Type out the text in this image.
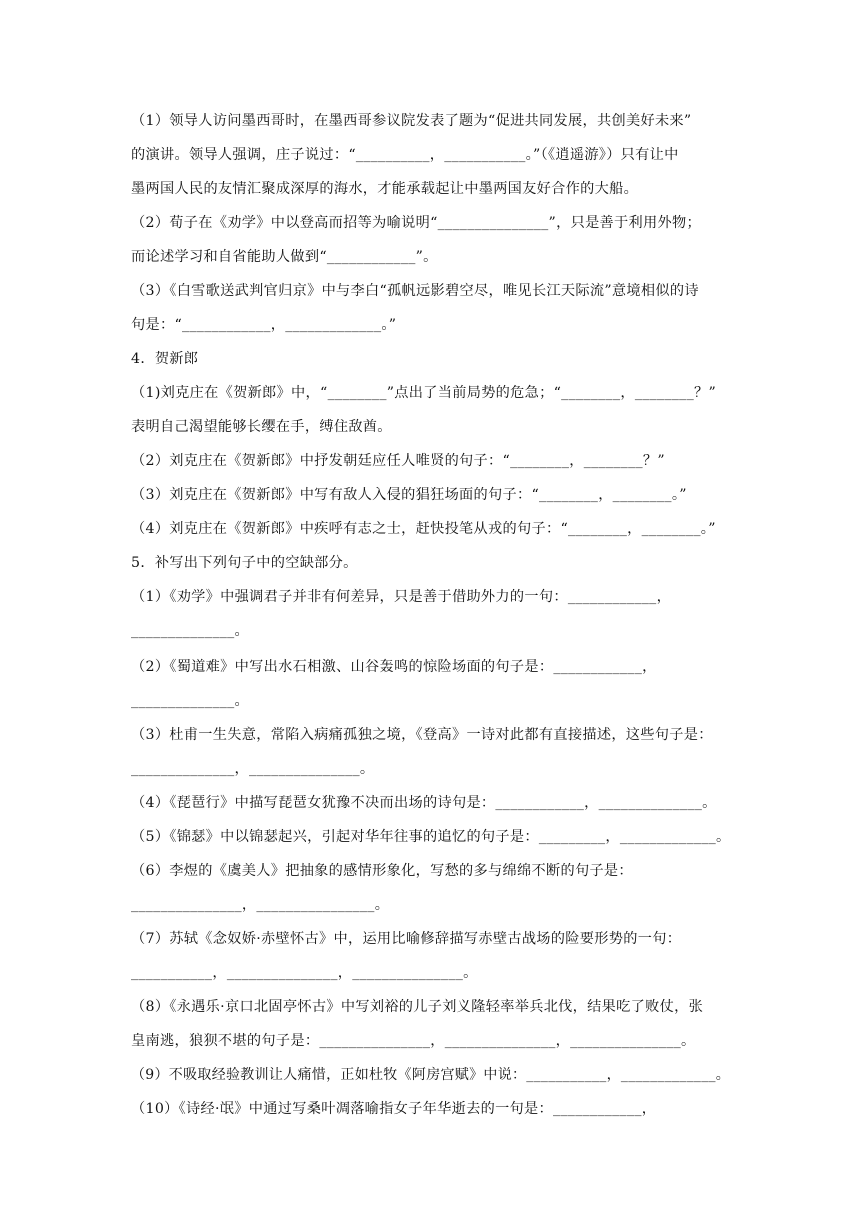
（1）领导人访问墨西哥时，在墨西哥参议院发表了题为“促进共同发展，共创美好未来”
的演讲。领导人强调，庄子说过：“__________，___________。”（《逍遥游》）只有让中
墨两国人民的友情汇聚成深厚的海水，才能承载起让中墨两国友好合作的大船。
（2）荀子在《劝学》中以登高而招等为喻说明“_______________”，只是善于利用外物；
而论述学习和自省能助人做到“____________”。
（3）《白雪歌送武判官归京》中与李白“孤帆远影碧空尽，唯见长江天际流”意境相似的诗
句是：“____________，_____________。”
4．贺新郎
（1)刘克庄在《贺新郎》中，“________”点出了当前局势的危急；“________，________？”
表明自己渴望能够长缨在手，缚住敌酋。
（2）刘克庄在《贺新郎》中抒发朝廷应任人唯贤的句子：“________，________？”
（3）刘克庄在《贺新郎》中写有敌人入侵的猖狂场面的句子：“________，________。”
（4）刘克庄在《贺新郎》中疾呼有志之士，赶快投笔从戎的句子：“________，________。”
5．补写出下列句子中的空缺部分。
（1）《劝学》中强调君子并非有何差异，只是善于借助外力的一句：____________，
______________。
（2）《蜀道难》中写出水石相激、山谷轰鸣的惊险场面的句子是：____________，
______________。
（3）杜甫一生失意，常陷入病痛孤独之境，《登高》一诗对此都有直接描述，这些句子是：
______________，_______________。
（4）《琵琶行》中描写琵琶女犹豫不决而出场的诗句是：____________，______________。
（5）《锦瑟》中以锦瑟起兴，引起对华年往事的追忆的句子是：_________，_____________。
（6）李煜的《虞美人》把抽象的感情形象化，写愁的多与绵绵不断的句子是：
_______________，________________。
（7）苏轼《念奴娇·赤壁怀古》中，运用比喻修辞描写赤壁古战场的险要形势的一句：
___________，_______________，_______________。
（8）《永遇乐·京口北固亭怀古》中写刘裕的儿子刘义隆轻率举兵北伐，结果吃了败仗，张
皇南逃，狼狈不堪的句子是：_______________，_______________，_______________。
（9）不吸取经验教训让人痛惜，正如杜牧《阿房宫赋》中说：___________，_____________。
（10）《诗经·氓》中通过写桑叶凋落喻指女子年华逝去的一句是：____________，
